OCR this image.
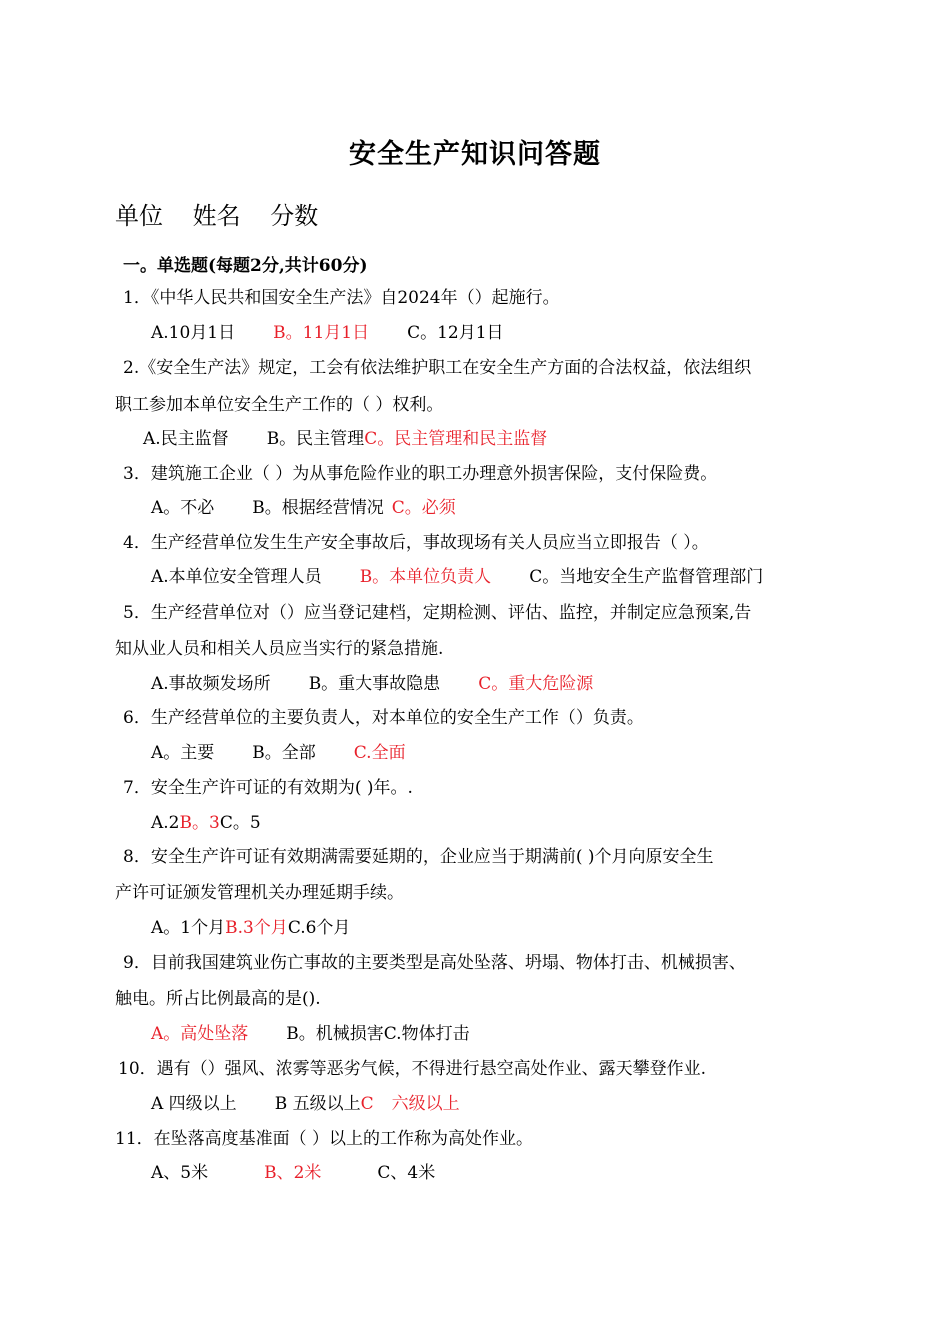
安全生产知识问答题
单位 姓名 分数
一。单选题(每题2分,共计60分)
1．《中华人民共和国安全生产法》自2024年（）起施行。
A.10月1日 B。11月1日 C。12月1日
2.《安全生产法》规定，工会有依法维护职工在安全生产方面的合法权益，依法组织
职工参加本单位安全生产工作的（ ）权利。
A.民主监督 B。民主管理C。民主管理和民主监督
3．建筑施工企业（ ）为从事危险作业的职工办理意外损害保险，支付保险费。
A。不必 B。根据经营情况 C。必须
4．生产经营单位发生生产安全事故后，事故现场有关人员应当立即报告（ ）。
A.本单位安全管理人员 B。本单位负责人 C。当地安全生产监督管理部门
5．生产经营单位对（）应当登记建档，定期检测、评估、监控，并制定应急预案,告
知从业人员和相关人员应当实行的紧急措施.
A.事故频发场所 B。重大事故隐患 C。重大危险源
6．生产经营单位的主要负责人，对本单位的安全生产工作（）负责。
A。主要 B。全部 C.全面
7．安全生产许可证的有效期为( )年。.
A.2B。3C。5
8．安全生产许可证有效期满需要延期的，企业应当于期满前( )个月向原安全生
产许可证颁发管理机关办理延期手续。
A。1个月B.3个月C.6个月
9．目前我国建筑业伤亡事故的主要类型是高处坠落、坍塌、物体打击、机械损害、
触电。所占比例最高的是().
A。高处坠落 B。机械损害C.物体打击
10．遇有（）强风、浓雾等恶劣气候，不得进行悬空高处作业、露天攀登作业.
A 四级以上 B 五级以上C 六级以上
11．在坠落高度基准面（ ）以上的工作称为高处作业。
A、5米	B、2米	C、4米
